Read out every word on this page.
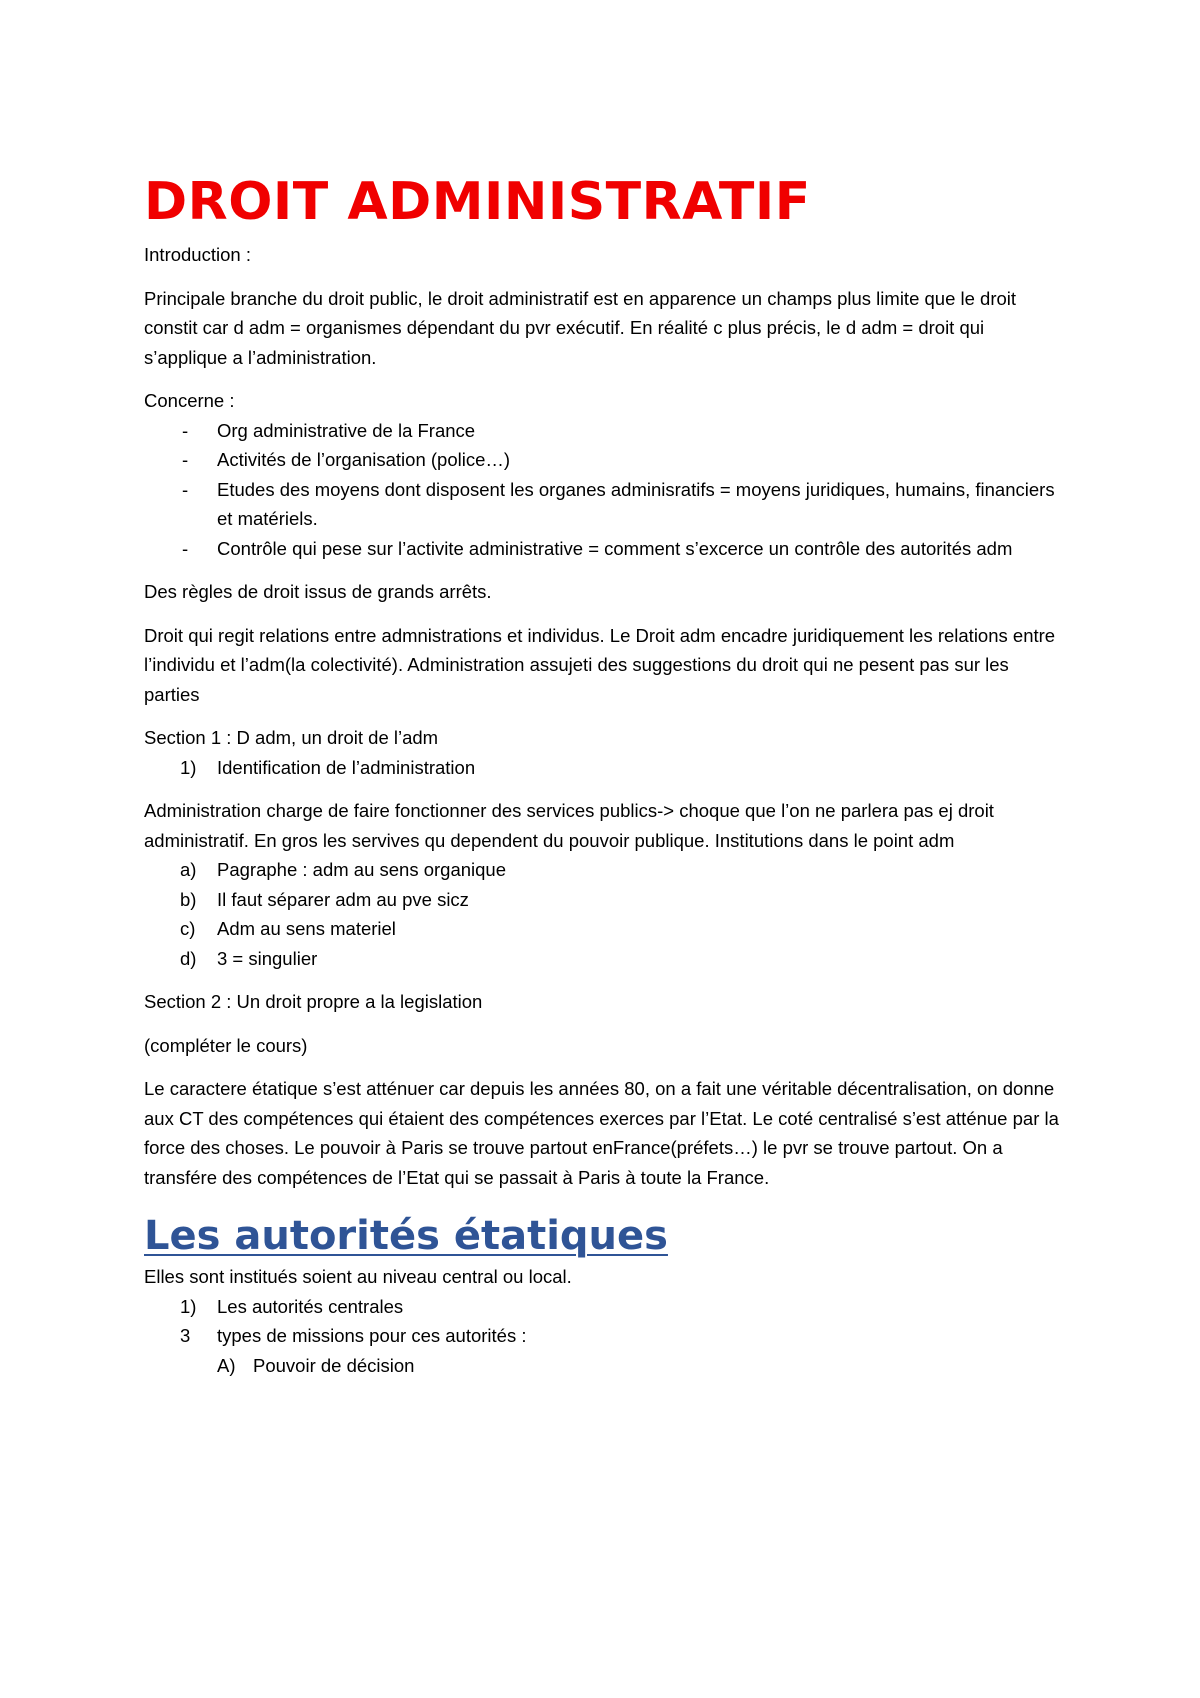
DROIT ADMINISTRATIF

Introduction :

Principale branche du droit public, le droit administratif est en apparence un champs plus limite que le droit constit car d adm = organismes dépendant du pvr exécutif. En réalité c plus précis, le d adm = droit qui s’applique a l’administration.

Concerne :

- Org administrative de la France
- Activités de l’organisation (police…)
- Etudes des moyens dont disposent les organes adminisratifs = moyens juridiques, humains, financiers et matériels.
- Contrôle qui pese sur l’activite administrative = comment s’excerce un contrôle des autorités adm

Des règles de droit issus de grands arrêts.

Droit qui regit relations entre admnistrations et individus. Le Droit adm encadre juridiquement les relations entre l’individu et l’adm(la colectivité). Administration assujeti des suggestions du droit qui ne pesent pas sur les parties

Section 1 : D adm, un droit de l’adm

1) Identification de l’administration

Administration charge de faire fonctionner des services publics-> choque que l’on ne parlera pas ej droit administratif. En gros les servives qu dependent du pouvoir publique. Institutions dans le point adm

a) Pagraphe : adm au sens organique
b) Il faut séparer adm au pve sicz
c) Adm au sens materiel
d) 3 = singulier

Section 2 : Un droit propre a la legislation

(compléter le cours)

Le caractere étatique s’est atténuer car depuis les années 80, on a fait une véritable décentralisation, on donne aux CT des compétences qui étaient des compétences exerces par l’Etat. Le coté centralisé s’est atténue par la force des choses. Le pouvoir à Paris se trouve partout enFrance(préfets…) le pvr se trouve partout. On a transfére des compétences de l’Etat qui se passait à Paris à toute la France.

Les autorités étatiques

Elles sont institués soient au niveau central ou local.

1) Les autorités centrales
3 types de missions pour ces autorités :
A) Pouvoir de décision
